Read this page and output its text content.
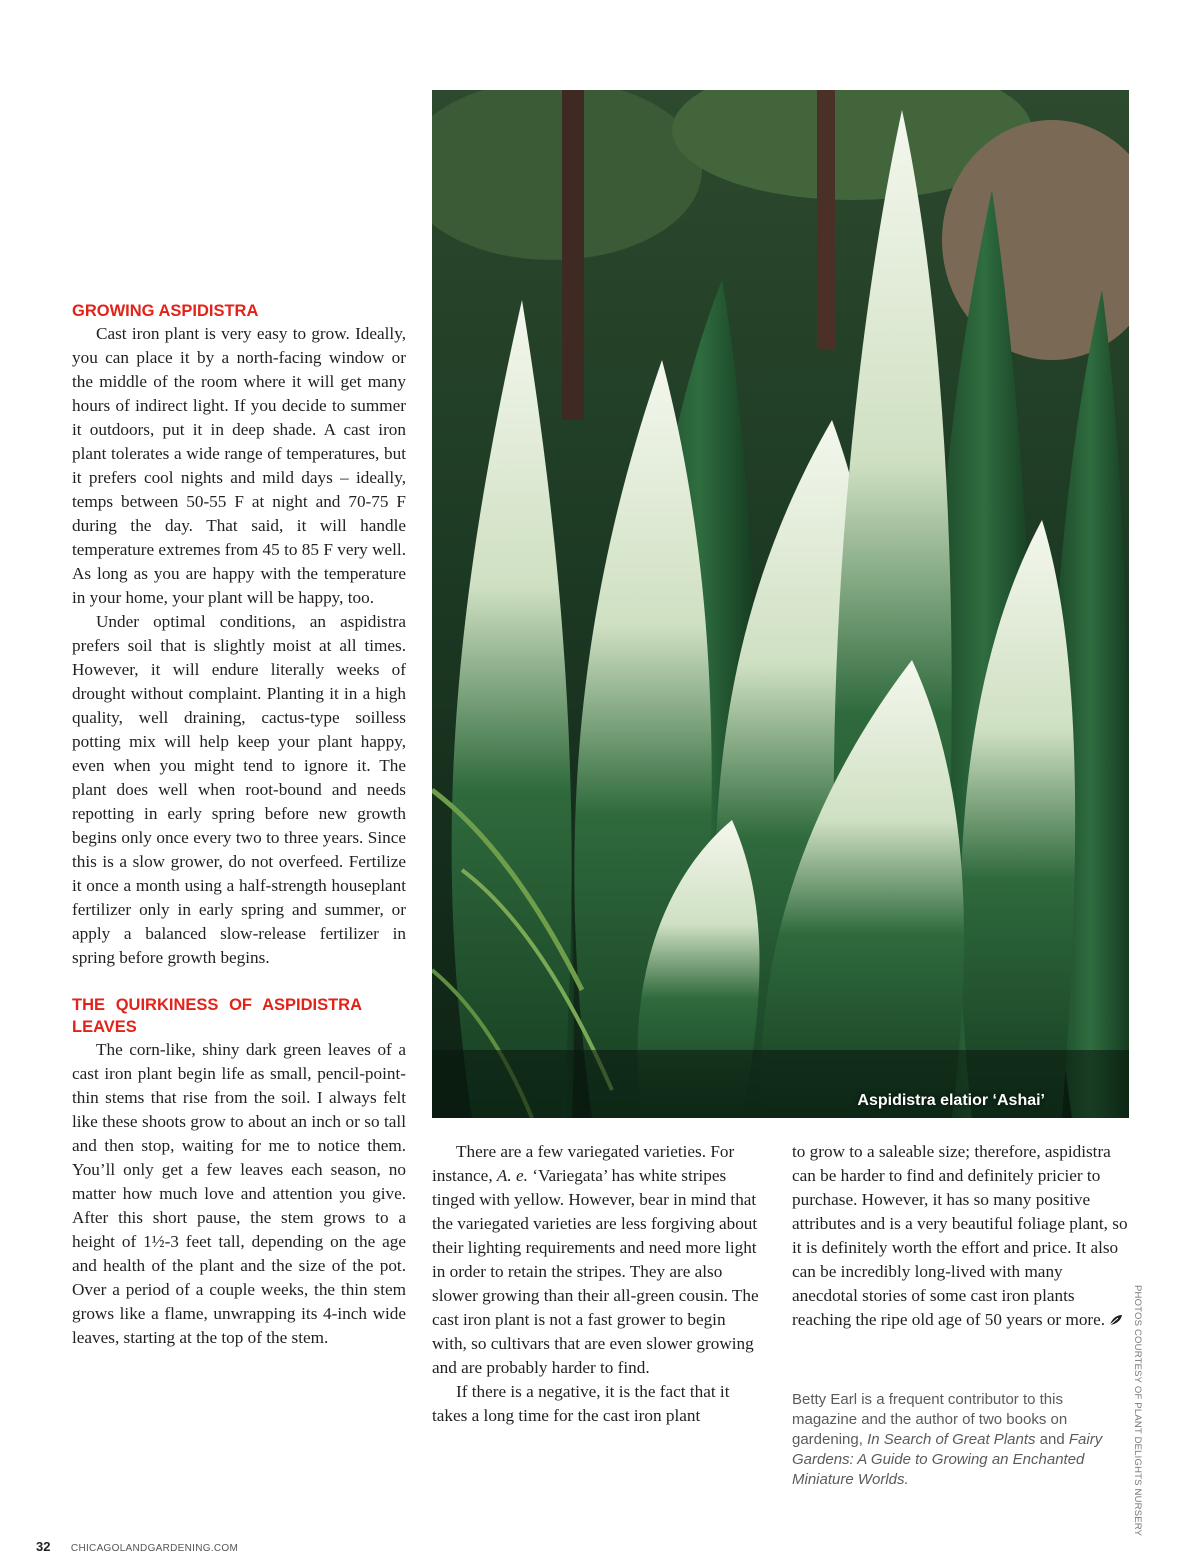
GROWING ASPIDISTRA

Cast iron plant is very easy to grow. Ideally, you can place it by a north-facing window or the middle of the room where it will get many hours of indirect light. If you decide to summer it outdoors, put it in deep shade. A cast iron plant tolerates a wide range of temperatures, but it prefers cool nights and mild days – ideally, temps between 50-55 F at night and 70-75 F during the day. That said, it will handle temperature extremes from 45 to 85 F very well. As long as you are happy with the temperature in your home, your plant will be happy, too.

Under optimal conditions, an aspidistra prefers soil that is slightly moist at all times. However, it will endure literally weeks of drought without complaint. Planting it in a high quality, well draining, cactus-type soilless potting mix will help keep your plant happy, even when you might tend to ignore it. The plant does well when root-bound and needs repotting in early spring before new growth begins only once every two to three years. Since this is a slow grower, do not overfeed. Fertilize it once a month using a half-strength houseplant fertilizer only in early spring and summer, or apply a balanced slow-release fertilizer in spring before growth begins.

THE QUIRKINESS OF ASPIDISTRA LEAVES

The corn-like, shiny dark green leaves of a cast iron plant begin life as small, pencil-point-thin stems that rise from the soil. I always felt like these shoots grow to about an inch or so tall and then stop, waiting for me to notice them. You’ll only get a few leaves each season, no matter how much love and attention you give. After this short pause, the stem grows to a height of 1½-3 feet tall, depending on the age and health of the plant and the size of the pot. Over a period of a couple weeks, the thin stem grows like a flame, unwrapping its 4-inch wide leaves, starting at the top of the stem.

Aspidistra elatior ‘Ashai’

There are a few variegated varieties. For instance, A. e. ‘Variegata’ has white stripes tinged with yellow. However, bear in mind that the variegated varieties are less forgiving about their lighting requirements and need more light in order to retain the stripes. They are also slower growing than their all-green cousin. The cast iron plant is not a fast grower to begin with, so cultivars that are even slower growing and are probably harder to find.

If there is a negative, it is the fact that it takes a long time for the cast iron plant

to grow to a saleable size; therefore, aspidistra can be harder to find and definitely pricier to purchase. However, it has so many positive attributes and is a very beautiful foliage plant, so it is definitely worth the effort and price. It also can be incredibly long-lived with many anecdotal stories of some cast iron plants reaching the ripe old age of 50 years or more.

Betty Earl is a frequent contributor to this magazine and the author of two books on gardening, In Search of Great Plants and Fairy Gardens: A Guide to Growing an Enchanted Miniature Worlds.	PHOTOS COURTESY OF PLANT DELIGHTS NURSERY
32 CHICAGOLANDGARDENING.COM
